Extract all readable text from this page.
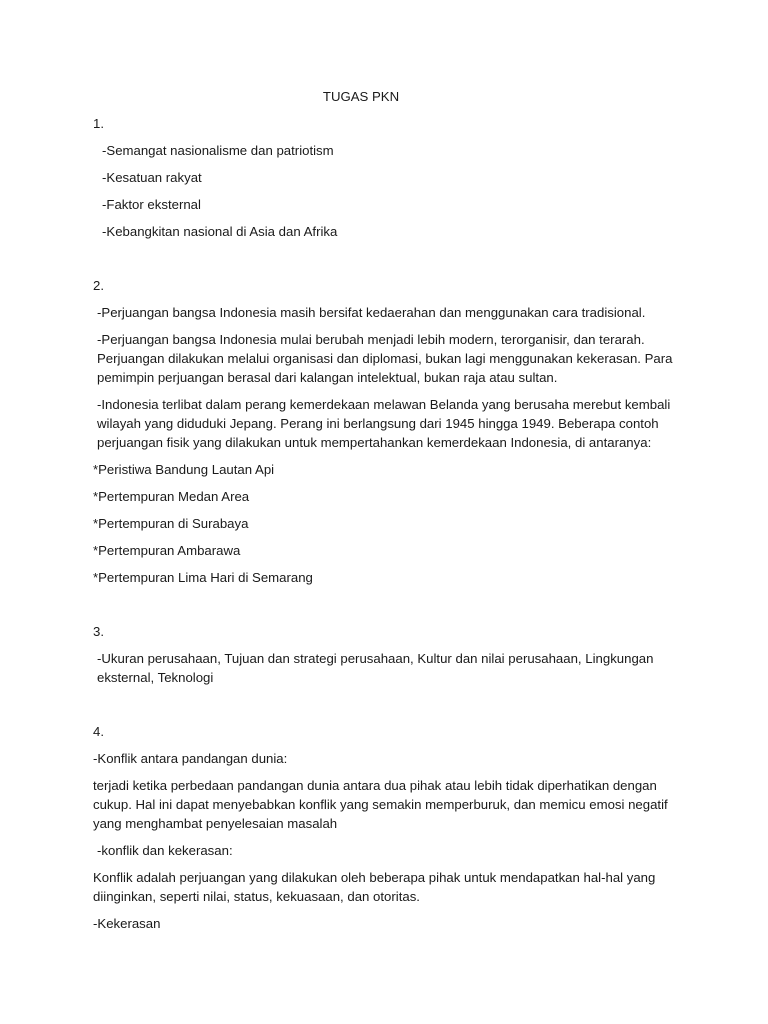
TUGAS PKN

1.

-Semangat nasionalisme dan patriotism

-Kesatuan rakyat

-Faktor eksternal

-Kebangkitan nasional di Asia dan Afrika

2.

-Perjuangan bangsa Indonesia masih bersifat kedaerahan dan menggunakan cara tradisional.

-Perjuangan bangsa Indonesia mulai berubah menjadi lebih modern, terorganisir, dan terarah. Perjuangan dilakukan melalui organisasi dan diplomasi, bukan lagi menggunakan kekerasan. Para pemimpin perjuangan berasal dari kalangan intelektual, bukan raja atau sultan.

-Indonesia terlibat dalam perang kemerdekaan melawan Belanda yang berusaha merebut kembali wilayah yang diduduki Jepang. Perang ini berlangsung dari 1945 hingga 1949. Beberapa contoh perjuangan fisik yang dilakukan untuk mempertahankan kemerdekaan Indonesia, di antaranya:

*Peristiwa Bandung Lautan Api

*Pertempuran Medan Area

*Pertempuran di Surabaya

*Pertempuran Ambarawa

*Pertempuran Lima Hari di Semarang

3.

-Ukuran perusahaan, Tujuan dan strategi perusahaan, Kultur dan nilai perusahaan, Lingkungan eksternal, Teknologi

4.

-Konflik antara pandangan dunia:

terjadi ketika perbedaan pandangan dunia antara dua pihak atau lebih tidak diperhatikan dengan cukup. Hal ini dapat menyebabkan konflik yang semakin memperburuk, dan memicu emosi negatif yang menghambat penyelesaian masalah

-konflik dan kekerasan:

Konflik adalah perjuangan yang dilakukan oleh beberapa pihak untuk mendapatkan hal-hal yang diinginkan, seperti nilai, status, kekuasaan, dan otoritas.

-Kekerasan
